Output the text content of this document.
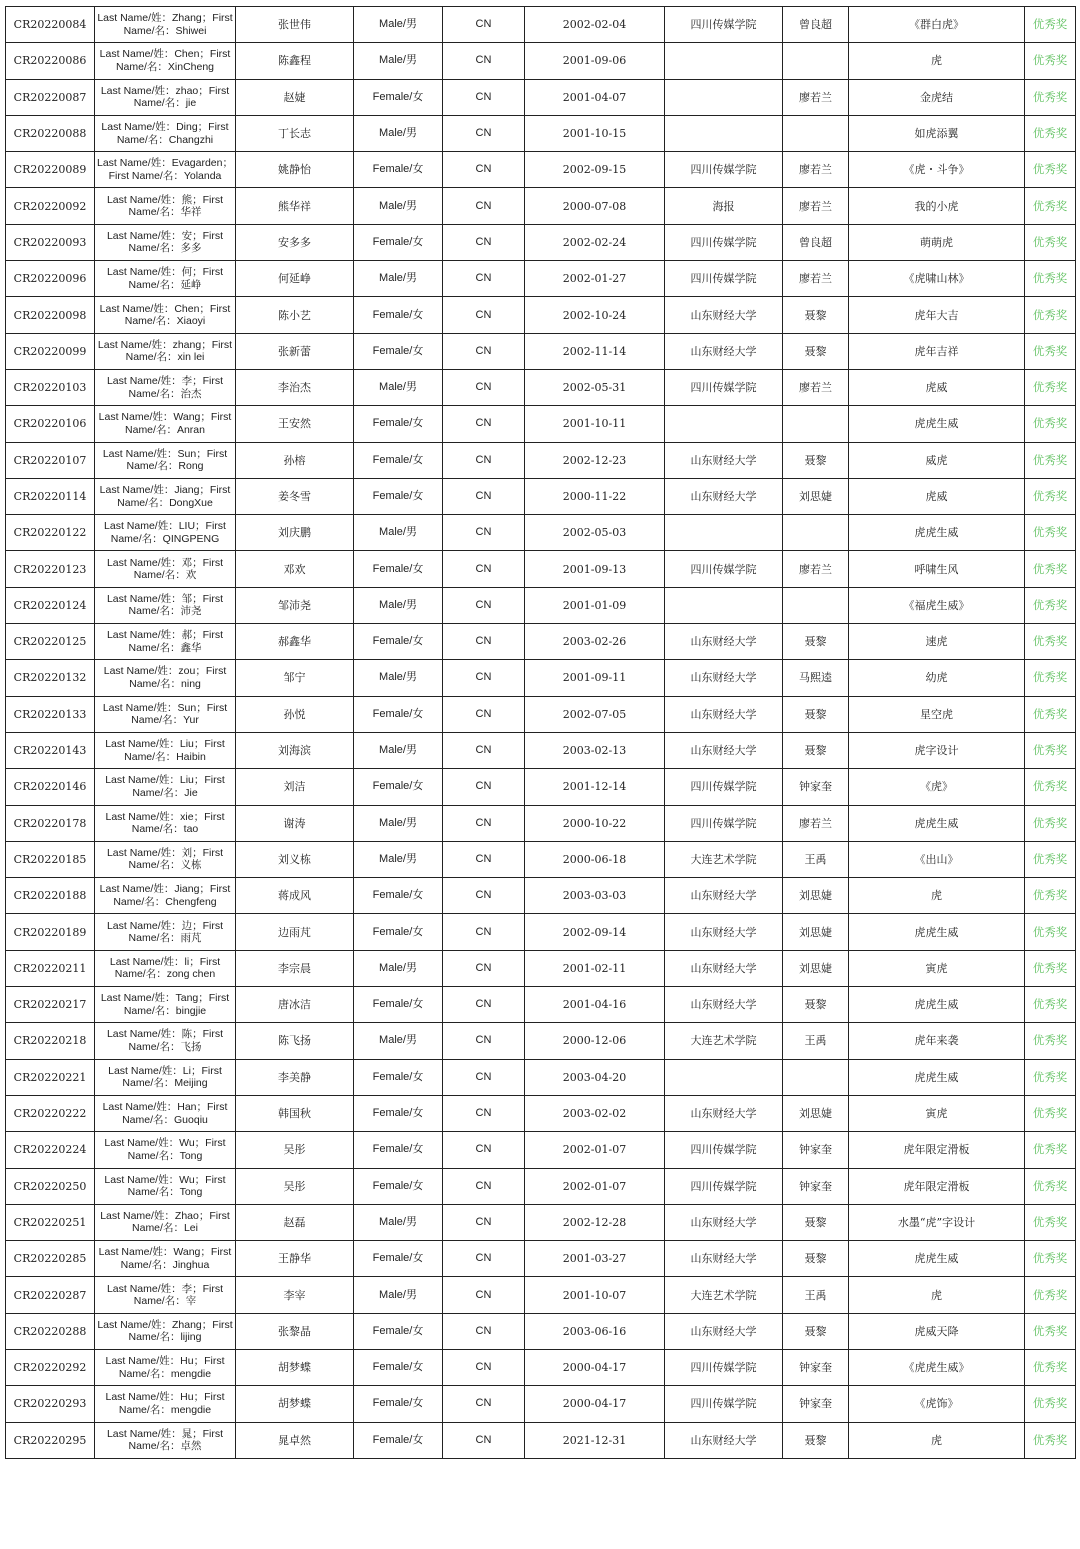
CR20220084	Last Name/姓：Zhang；First Name/名：Shiwei	张世伟	Male/男	CN	2002-02-04	四川传媒学院	曾良超	《群白虎》	优秀奖
CR20220086	Last Name/姓：Chen；First Name/名：XinCheng	陈鑫程	Male/男	CN	2001-09-06			虎	优秀奖
CR20220087	Last Name/姓：zhao；First Name/名：jie	赵婕	Female/女	CN	2001-04-07		廖若兰	金虎结	优秀奖
CR20220088	Last Name/姓：Ding；First Name/名：Changzhi	丁长志	Male/男	CN	2001-10-15			如虎添翼	优秀奖
CR20220089	Last Name/姓：Evagarden；First Name/名：Yolanda	姚静怡	Female/女	CN	2002-09-15	四川传媒学院	廖若兰	《虎・斗争》	优秀奖
CR20220092	Last Name/姓：熊；First Name/名：华祥	熊华祥	Male/男	CN	2000-07-08	海报	廖若兰	我的小虎	优秀奖
CR20220093	Last Name/姓：安；First Name/名：多多	安多多	Female/女	CN	2002-02-24	四川传媒学院	曾良超	萌萌虎	优秀奖
CR20220096	Last Name/姓：何；First Name/名：延峥	何延峥	Male/男	CN	2002-01-27	四川传媒学院	廖若兰	《虎啸山林》	优秀奖
CR20220098	Last Name/姓：Chen；First Name/名：Xiaoyi	陈小艺	Female/女	CN	2002-10-24	山东财经大学	聂黎	虎年大吉	优秀奖
CR20220099	Last Name/姓：zhang；First Name/名：xin lei	张新蕾	Female/女	CN	2002-11-14	山东财经大学	聂黎	虎年吉祥	优秀奖
CR20220103	Last Name/姓：李；First Name/名：治杰	李治杰	Male/男	CN	2002-05-31	四川传媒学院	廖若兰	虎威	优秀奖
CR20220106	Last Name/姓：Wang；First Name/名：Anran	王安然	Female/女	CN	2001-10-11			虎虎生威	优秀奖
CR20220107	Last Name/姓：Sun；First Name/名：Rong	孙榕	Female/女	CN	2002-12-23	山东财经大学	聂黎	威虎	优秀奖
CR20220114	Last Name/姓：Jiang；First Name/名：DongXue	姜冬雪	Female/女	CN	2000-11-22	山东财经大学	刘思婕	虎威	优秀奖
CR20220122	Last Name/姓：LIU；First Name/名：QINGPENG	刘庆鹏	Male/男	CN	2002-05-03			虎虎生威	优秀奖
CR20220123	Last Name/姓：邓；First Name/名：欢	邓欢	Female/女	CN	2001-09-13	四川传媒学院	廖若兰	呼啸生风	优秀奖
CR20220124	Last Name/姓：邹；First Name/名：沛尧	邹沛尧	Male/男	CN	2001-01-09			《福虎生威》	优秀奖
CR20220125	Last Name/姓：郝；First Name/名：鑫华	郝鑫华	Female/女	CN	2003-02-26	山东财经大学	聂黎	速虎	优秀奖
CR20220132	Last Name/姓：zou；First Name/名：ning	邹宁	Male/男	CN	2001-09-11	山东财经大学	马熙逵	幼虎	优秀奖
CR20220133	Last Name/姓：Sun；First Name/名：Yur	孙悦	Female/女	CN	2002-07-05	山东财经大学	聂黎	星空虎	优秀奖
CR20220143	Last Name/姓：Liu；First Name/名：Haibin	刘海滨	Male/男	CN	2003-02-13	山东财经大学	聂黎	虎字设计	优秀奖
CR20220146	Last Name/姓：Liu；First Name/名：Jie	刘洁	Female/女	CN	2001-12-14	四川传媒学院	钟家奎	《虎》	优秀奖
CR20220178	Last Name/姓：xie；First Name/名：tao	谢涛	Male/男	CN	2000-10-22	四川传媒学院	廖若兰	虎虎生威	优秀奖
CR20220185	Last Name/姓：刘；First Name/名：义栋	刘义栋	Male/男	CN	2000-06-18	大连艺术学院	王禹	《出山》	优秀奖
CR20220188	Last Name/姓：Jiang；First Name/名：Chengfeng	蒋成风	Female/女	CN	2003-03-03	山东财经大学	刘思婕	虎	优秀奖
CR20220189	Last Name/姓：边；First Name/名：雨芃	边雨芃	Female/女	CN	2002-09-14	山东财经大学	刘思婕	虎虎生威	优秀奖
CR20220211	Last Name/姓：li；First Name/名：zong chen	李宗晨	Male/男	CN	2001-02-11	山东财经大学	刘思婕	寅虎	优秀奖
CR20220217	Last Name/姓：Tang；First Name/名：bingjie	唐冰洁	Female/女	CN	2001-04-16	山东财经大学	聂黎	虎虎生威	优秀奖
CR20220218	Last Name/姓：陈；First Name/名：飞扬	陈飞扬	Male/男	CN	2000-12-06	大连艺术学院	王禹	虎年来袭	优秀奖
CR20220221	Last Name/姓：Li；First Name/名：Meijing	李美静	Female/女	CN	2003-04-20			虎虎生威	优秀奖
CR20220222	Last Name/姓：Han；First Name/名：Guoqiu	韩国秋	Female/女	CN	2003-02-02	山东财经大学	刘思婕	寅虎	优秀奖
CR20220224	Last Name/姓：Wu；First Name/名：Tong	吴彤	Female/女	CN	2002-01-07	四川传媒学院	钟家奎	虎年限定滑板	优秀奖
CR20220250	Last Name/姓：Wu；First Name/名：Tong	吴彤	Female/女	CN	2002-01-07	四川传媒学院	钟家奎	虎年限定滑板	优秀奖
CR20220251	Last Name/姓：Zhao；First Name/名：Lei	赵磊	Male/男	CN	2002-12-28	山东财经大学	聂黎	水墨“虎”字设计	优秀奖
CR20220285	Last Name/姓：Wang；First Name/名：Jinghua	王静华	Female/女	CN	2001-03-27	山东财经大学	聂黎	虎虎生威	优秀奖
CR20220287	Last Name/姓：李；First Name/名：宰	李宰	Male/男	CN	2001-10-07	大连艺术学院	王禹	虎	优秀奖
CR20220288	Last Name/姓：Zhang；First Name/名：lijing	张黎晶	Female/女	CN	2003-06-16	山东财经大学	聂黎	虎威天降	优秀奖
CR20220292	Last Name/姓：Hu；First Name/名：mengdie	胡梦蝶	Female/女	CN	2000-04-17	四川传媒学院	钟家奎	《虎虎生威》	优秀奖
CR20220293	Last Name/姓：Hu；First Name/名：mengdie	胡梦蝶	Female/女	CN	2000-04-17	四川传媒学院	钟家奎	《虎饰》	优秀奖
CR20220295	Last Name/姓：晁；First Name/名：卓然	晁卓然	Female/女	CN	2021-12-31	山东财经大学	聂黎	虎	优秀奖
